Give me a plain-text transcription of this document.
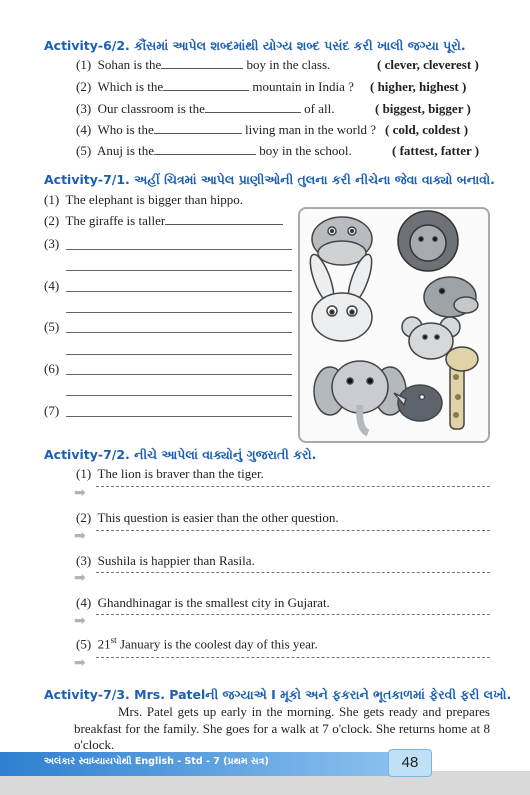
Activity-6/2. કૌંસમાં આપેલ શબ્દમાંથી યોગ્ય શબ્દ પસંદ કરી ખાલી જગ્યા પૂરો.
(1) Sohan is the	boy in the class.	( clever, cleverest )
(2) Which is the	mountain in India ? ( higher, highest )
(3) Our classroom is the	of all.	( biggest, bigger )
(4) Who is the	living man in the world ? ( cold, coldest )
(5) Anuj is the	boy in the school.	( fattest, fatter )
Activity-7/1. અહીં ચિત્રમાં આપેલ પ્રાણીઓની તુલના કરી નીચેના જેવા વાક્યો બનાવો.
(1) The elephant is bigger than hippo.
(2) The giraffe is taller
(3)
(4)
(5)
(6)
(7)
Activity-7/2. નીચે આપેલાં વાક્યોનું ગુજરાતી કરો.
(1) The lion is braver than the tiger.
➡
(2) This question is easier than the other question.
➡
(3) Sushila is happier than Rasila.
➡
(4) Ghandhinagar is the smallest city in Gujarat.
➡
(5) 21st January is the coolest day of this year.
➡
Activity-7/3. Mrs. Patelની જગ્યાએ I મૂકો અને ફકરાને ભૂતકાળમાં ફેરવી ફરી લખો.
Mrs. Patel gets up early in the morning. She gets ready and prepares breakfast for the family. She goes for a walk at 7 o'clock. She returns home at 8 o'clock.
અલંકાર સ્વાધ્યાયપોથી English - Std - 7 (પ્રથમ સત્ર)	48
